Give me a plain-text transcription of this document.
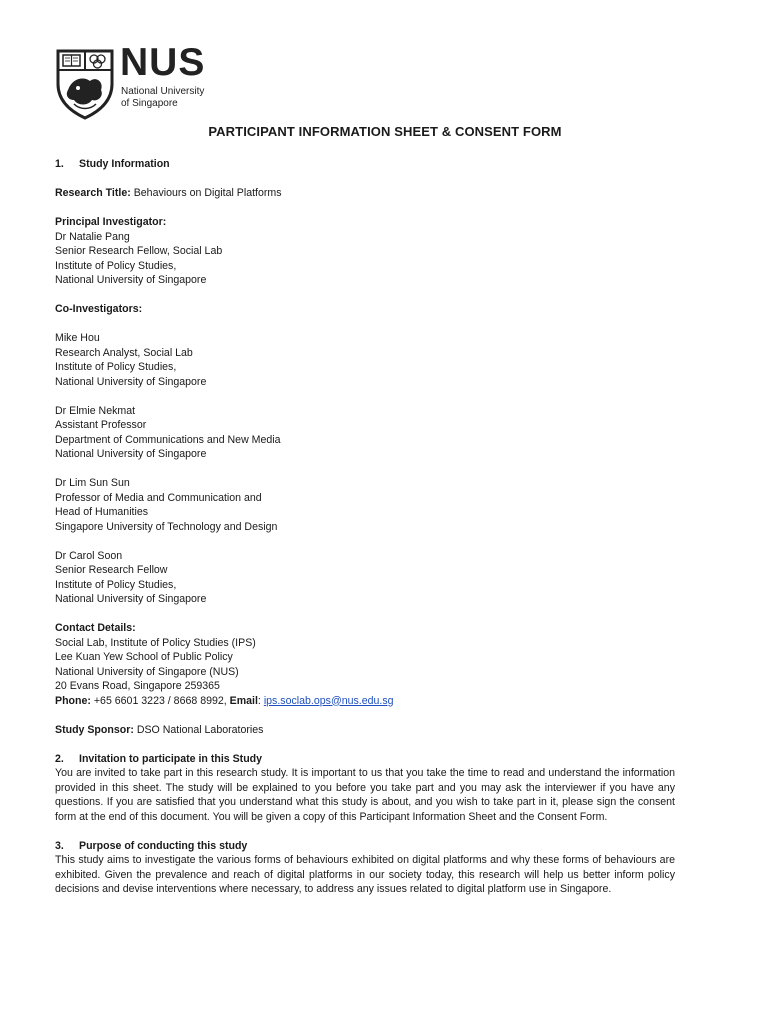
NUS
National University
of Singapore
PARTICIPANT INFORMATION SHEET & CONSENT FORM

1. Study Information

Research Title: Behaviours on Digital Platforms

Principal Investigator:

Dr Natalie Pang

Senior Research Fellow, Social Lab

Institute of Policy Studies,

National University of Singapore

Co-Investigators:

Mike Hou

Research Analyst, Social Lab

Institute of Policy Studies,

National University of Singapore

Dr Elmie Nekmat

Assistant Professor

Department of Communications and New Media

National University of Singapore

Dr Lim Sun Sun

Professor of Media and Communication and

Head of Humanities

Singapore University of Technology and Design

Dr Carol Soon

Senior Research Fellow

Institute of Policy Studies,

National University of Singapore

Contact Details:

Social Lab, Institute of Policy Studies (IPS)

Lee Kuan Yew School of Public Policy

National University of Singapore (NUS)

20 Evans Road, Singapore 259365

Phone: +65 6601 3223 / 8668 8992, Email: ips.soclab.ops@nus.edu.sg

Study Sponsor: DSO National Laboratories

2. Invitation to participate in this Study

You are invited to take part in this research study. It is important to us that you take the time to read and understand the information provided in this sheet. The study will be explained to you before you take part and you may ask the interviewer if you have any questions. If you are satisfied that you understand what this study is about, and you wish to take part in it, please sign the consent form at the end of this document. You will be given a copy of this Participant Information Sheet and the Consent Form.

3. Purpose of conducting this study

This study aims to investigate the various forms of behaviours exhibited on digital platforms and why these forms of behaviours are exhibited. Given the prevalence and reach of digital platforms in our society today, this research will help us better inform policy decisions and devise interventions where necessary, to address any issues related to digital platform use in Singapore.
